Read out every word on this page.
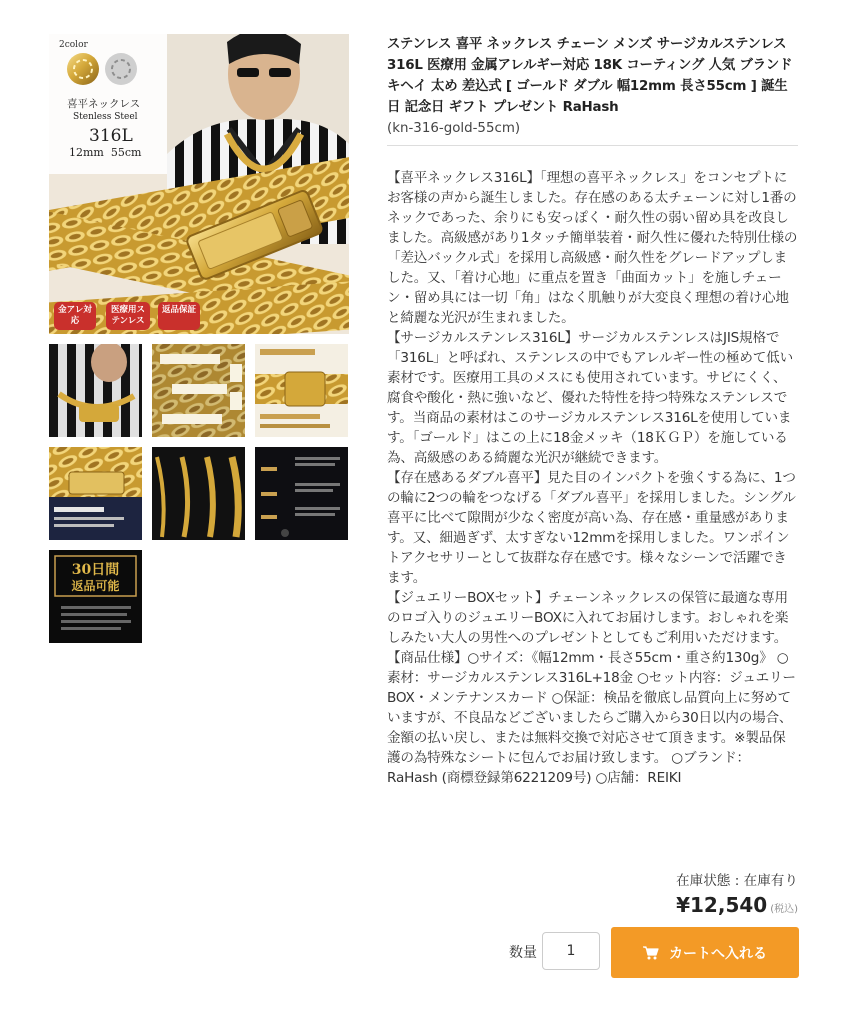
2color
喜平ネックレス
Stenless Steel
316L
12mm  55cm
金アレ対応
医療用ステンレス
返品保証
30日間
返品可能
ステンレス 喜平 ネックレス チェーン メンズ サージカルステンレス 316L 医療用 金属アレルギー対応 18K コーティング 人気 ブランド キヘイ 太め 差込式 [ ゴールド ダブル 幅12mm 長さ55cm ] 誕生日 記念日 ギフト プレゼント RaHash
(kn-316-gold-55cm)

【喜平ネックレス316L】「理想の喜平ネックレス」をコンセプトにお客様の声から誕生しました。存在感のある太チェーンに対し1番のネックであった、余りにも安っぽく・耐久性の弱い留め具を改良しました。高級感があり1タッチ簡単装着・耐久性に優れた特別仕様の「差込バックル式」を採用し高級感・耐久性をグレードアップしました。又、「着け心地」に重点を置き「曲面カット」を施しチェーン・留め具には一切「角」はなく肌触りが大変良く理想の着け心地と綺麗な光沢が生まれました。

【サージカルステンレス316L】サージカルステンレスはJIS規格で「316L」と呼ばれ、ステンレスの中でもアレルギー性の極めて低い素材です。医療用工具のメスにも使用されています。サビにくく、腐食や酸化・熱に強いなど、優れた特性を持つ特殊なステンレスです。当商品の素材はこのサージカルステンレス316Lを使用しています。「ゴールド」はこの上に18金メッキ（18ＫＧＰ）を施している為、高級感のある綺麗な光沢が継続できます。

【存在感あるダブル喜平】見た目のインパクトを強くする為に、1つの輪に2つの輪をつなげる「ダブル喜平」を採用しました。シングル喜平に比べて隙間が少なく密度が高い為、存在感・重量感があります。又、細過ぎず、太すぎない12mmを採用しました。ワンポイントアクセサリーとして抜群な存在感です。様々なシーンで活躍できます。

【ジュエリーBOXセット】チェーンネックレスの保管に最適な専用のロゴ入りのジュエリーBOXに入れてお届けします。おしゃれを楽しみたい大人の男性へのプレゼントとしてもご利用いただけます。

【商品仕様】○サイズ：《幅12mm・長さ55cm・重さ約130g》 ○素材：サージカルステンレス316L+18金 ○セット内容：ジュエリーBOX・メンテナンスカード ○保証：検品を徹底し品質向上に努めていますが、不良品などございましたらご購入から30日以内の場合、金額の払い戻し、または無料交換で対応させて頂きます。※製品保護の為特殊なシートに包んでお届け致します。 ○ブランド：RaHash (商標登録第6221209号) ○店舗：REIKI

在庫状態 : 在庫有り
¥12,540 (税込)
数量
1	カートへ入れる
